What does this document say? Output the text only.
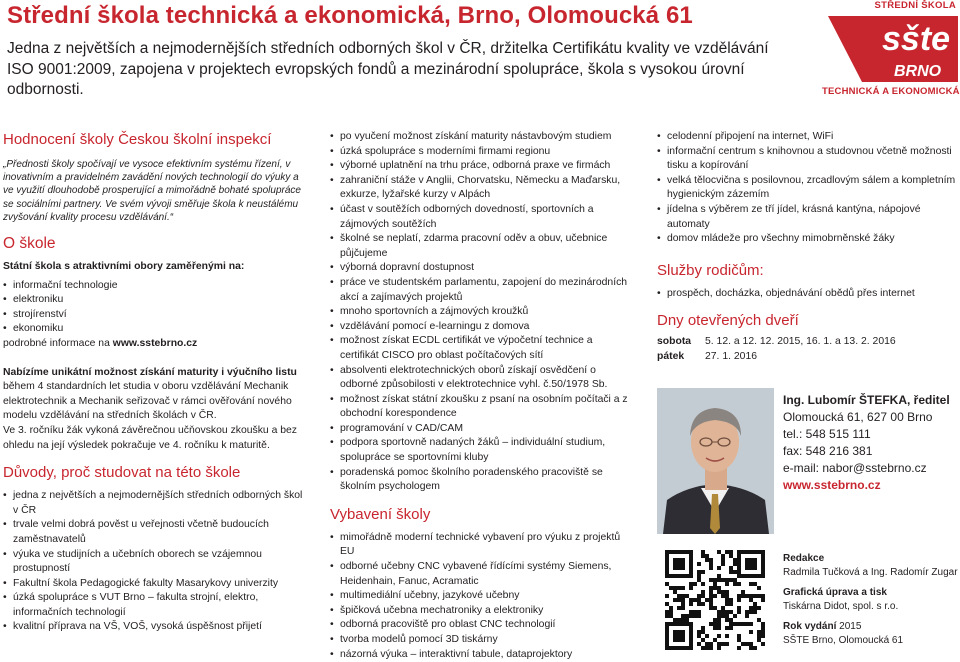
Střední škola technická a ekonomická, Brno, Olomoucká 61
Jedna z největších a nejmodernějších středních odborných škol v ČR, držitelka Certifikátu kvality ve vzdělávání ISO 9001:2009, zapojena v projektech evropských fondů a mezinárodní spolupráce, škola s vysokou úrovní odbornosti.
STŘEDNÍ ŠKOLA
sšte
BRNO
TECHNICKÁ A EKONOMICKÁ
Hodnocení školy Českou školní inspekcí

„Přednosti školy spočívají ve vysoce efektivním systému řízení, v inovativním a pravidelném zavádění nových technologií do výuky a ve využití dlouhodobě prosperující a mimořádně bohaté spolupráce se sociálními partnery. Ve svém vývoji směřuje škola k neustálému zvyšování kvality procesu vzdělávání.“

O škole

Státní škola s atraktivními obory zaměřenými na:

• informační technologie
• elektroniku
• strojírenství
• ekonomiku

podrobné informace na www.sstebrno.cz

Nabízíme unikátní možnost získání maturity i výučního listu

během 4 standardních let studia v oboru vzdělávání Mechanik elektrotechnik a Mechanik seřizovač v rámci ověřování nového modelu vzdělávání na středních školách v ČR.

Ve 3. ročníku žák vykoná závěrečnou učňovskou zkoušku a bez ohledu na její výsledek pokračuje ve 4. ročníku k maturitě.

Důvody, proč studovat na této škole
• jedna z největších a nejmodernějších středních odborných škol v ČR
• trvale velmi dobrá pověst u veřejnosti včetně budoucích zaměstnavatelů
• výuka ve studijních a učebních oborech se vzájemnou prostupností
• Fakultní škola Pedagogické fakulty Masarykovy univerzity
• úzká spolupráce s VUT Brno – fakulta strojní, elektro, informačních technologií
• kvalitní příprava na VŠ, VOŠ, vysoká úspěšnost přijetí
• po vyučení možnost získání maturity nástavbovým studiem
• úzká spolupráce s moderními firmami regionu
• výborné uplatnění na trhu práce, odborná praxe ve firmách
• zahraniční stáže v Anglii, Chorvatsku, Německu a Maďarsku, exkurze, lyžařské kurzy v Alpách
• účast v soutěžích odborných dovedností, sportovních a zájmových soutěžích
• školné se neplatí, zdarma pracovní oděv a obuv, učebnice půjčujeme
• výborná dopravní dostupnost
• práce ve studentském parlamentu, zapojení do mezinárodních akcí a zajímavých projektů
• mnoho sportovních a zájmových kroužků
• vzdělávání pomocí e-learningu z domova
• možnost získat ECDL certifikát ve výpočetní technice a certifikát CISCO pro oblast počítačových sítí
• absolventi elektrotechnických oborů získají osvědčení o odborné způsobilosti v elektrotechnice vyhl. č.50/1978 Sb.
• možnost získat státní zkoušku z psaní na osobním počítači a z obchodní korespondence
• programování v CAD/CAM
• podpora sportovně nadaných žáků – individuální studium, spolupráce se sportovními kluby
• poradenská pomoc školního poradenského pracoviště se školním psychologem
Vybavení školy
• mimořádně moderní technické vybavení pro výuku z projektů EU
• odborné učebny CNC vybavené řídícími systémy Siemens, Heidenhain, Fanuc, Acramatic
• multimediální učebny, jazykové učebny
• špičková učebna mechatroniky a elektroniky
• odborná pracoviště pro oblast CNC technologií
• tvorba modelů pomocí 3D tiskárny
• názorná výuka – interaktivní tabule, dataprojektory
• celodenní připojení na internet, WiFi
• informační centrum s knihovnou a studovnou včetně možnosti tisku a kopírování
• velká tělocvična s posilovnou, zrcadlovým sálem a kompletním hygienickým zázemím
• jídelna s výběrem ze tří jídel, krásná kantýna, nápojové automaty
• domov mládeže pro všechny mimobrněnské žáky
Služby rodičům:
• prospěch, docházka, objednávání obědů přes internet
Dny otevřených dveří
sobota	5. 12. a 12. 12. 2015, 16. 1. a 13. 2. 2016
pátek	27. 1. 2016
Ing. Lubomír ŠTEFKA, ředitel
Olomoucká 61, 627 00 Brno
tel.: 548 515 111
fax: 548 216 381
e-mail: nabor@sstebrno.cz
www.sstebrno.cz
Redakce
Radmila Tučková a Ing. Radomír Zugar
Grafická úprava a tisk
Tiskárna Didot, spol. s r.o.
Rok vydání 2015
SŠTE Brno, Olomoucká 61
